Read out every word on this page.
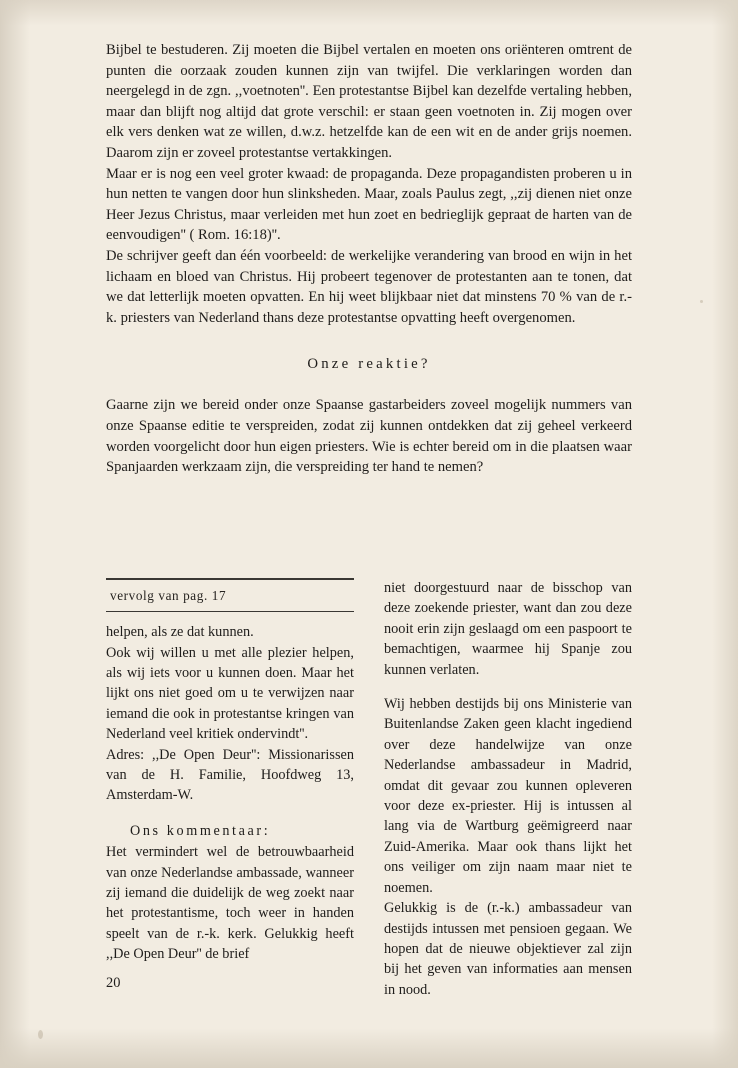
Bijbel te bestuderen. Zij moeten die Bijbel vertalen en moeten ons oriënteren omtrent de punten die oorzaak zouden kunnen zijn van twijfel. Die verklaringen worden dan neergelegd in de zgn. ,,voetnoten''. Een protestantse Bijbel kan dezelfde vertaling hebben, maar dan blijft nog altijd dat grote verschil: er staan geen voetnoten in. Zij mogen over elk vers denken wat ze willen, d.w.z. hetzelfde kan de een wit en de ander grijs noemen. Daarom zijn er zoveel protestantse vertakkingen.

Maar er is nog een veel groter kwaad: de propaganda. Deze propagandisten proberen u in hun netten te vangen door hun slinksheden. Maar, zoals Paulus zegt, ,,zij dienen niet onze Heer Jezus Christus, maar verleiden met hun zoet en bedrieglijk gepraat de harten van de eenvoudigen'' ( Rom. 16:18)''.

De schrijver geeft dan één voorbeeld: de werkelijke verandering van brood en wijn in het lichaam en bloed van Christus. Hij probeert tegenover de protestanten aan te tonen, dat we dat letterlijk moeten opvatten. En hij weet blijkbaar niet dat minstens 70 % van de r.-k. priesters van Nederland thans deze protestantse opvatting heeft overgenomen.

Onze reaktie?

Gaarne zijn we bereid onder onze Spaanse gastarbeiders zoveel mogelijk nummers van onze Spaanse editie te verspreiden, zodat zij kunnen ontdekken dat zij geheel verkeerd worden voorgelicht door hun eigen priesters. Wie is echter bereid om in die plaatsen waar Spanjaarden werkzaam zijn, die verspreiding ter hand te nemen?

vervolg van pag. 17

helpen, als ze dat kunnen.

Ook wij willen u met alle plezier helpen, als wij iets voor u kunnen doen. Maar het lijkt ons niet goed om u te verwijzen naar iemand die ook in protestantse kringen van Nederland veel kritiek ondervindt''.

Adres: ,,De Open Deur'': Missionarissen van de H. Familie, Hoofdweg 13, Amsterdam-W.

Ons kommentaar:

Het vermindert wel de betrouwbaarheid van onze Nederlandse ambassade, wanneer zij iemand die duidelijk de weg zoekt naar het protestantisme, toch weer in handen speelt van de r.-k. kerk. Gelukkig heeft ,,De Open Deur'' de brief

niet doorgestuurd naar de bisschop van deze zoekende priester, want dan zou deze nooit erin zijn geslaagd om een paspoort te bemachtigen, waarmee hij Spanje zou kunnen verlaten.

Wij hebben destijds bij ons Ministerie van Buitenlandse Zaken geen klacht ingediend over deze handelwijze van onze Nederlandse ambassadeur in Madrid, omdat dit gevaar zou kunnen opleveren voor deze ex-priester. Hij is intussen al lang via de Wartburg geëmigreerd naar Zuid-Amerika. Maar ook thans lijkt het ons veiliger om zijn naam maar niet te noemen.

Gelukkig is de (r.-k.) ambassadeur van destijds intussen met pensioen gegaan. We hopen dat de nieuwe objektiever zal zijn bij het geven van informaties aan mensen in nood.

20
